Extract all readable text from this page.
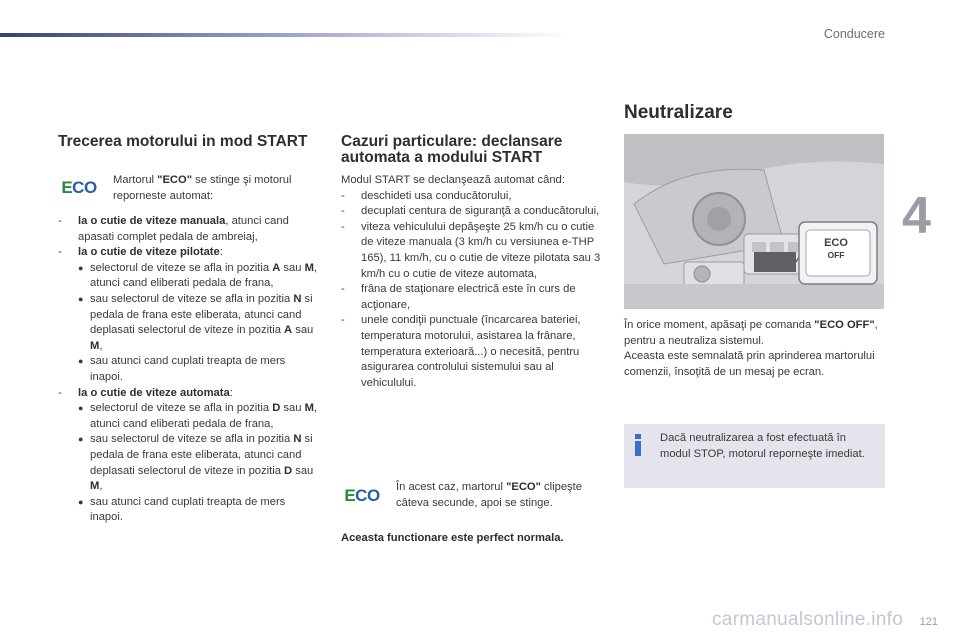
Conducere
4
carmanualsonline.info 121
Trecerea motorului in mod START
E CO Martorul "ECO" se stinge şi motorul reporneste automat:

-	la o cutie de viteze manuala, atunci cand apasati complet pedala de ambreiaj,
-	la o cutie de viteze pilotate:
● selectorul de viteze se afla in pozitia A sau M, atunci cand eliberati pedala de frana,
● sau selectorul de viteze se afla in pozitia N si pedala de frana este eliberata, atunci cand deplasati selectorul de viteze in pozitia A sau M,
● sau atunci cand cuplati treapta de mers inapoi.
-	la o cutie de viteze automata:
● selectorul de viteze se afla in pozitia D sau M, atunci cand eliberati pedala de frana,
● sau selectorul de viteze se afla in pozitia N si pedala de frana este eliberata, atunci cand deplasati selectorul de viteze in pozitia D sau M,
● sau atunci cand cuplati treapta de mers inapoi.
Cazuri particulare: declansare automata a modului START

Modul START se declanşează automat când:

-	deschideti usa conducătorului,
-	decuplati centura de siguranţă a conducătorului,
-	viteza vehiculului depăşeşte 25 km/h cu o cutie de viteze manuala (3 km/h cu versiunea e-THP 165), 11 km/h, cu o cutie de viteze pilotata sau 3 km/h cu o cutie de viteze automata,
-	frâna de staţionare electrică este în curs de acţionare,
-	unele condiţii punctuale (încarcarea bateriei, temperatura motorului, asistarea la frânare, temperatura exterioară...) o necesită, pentru asigurarea controlului sistemului sau al vehiculului.
E CO În acest caz, martorul "ECO" clipeşte câteva secunde, apoi se stinge.

Aceasta functionare este perfect normala.
Neutralizare
ECO
OFF

În orice moment, apăsaţi pe comanda "ECO OFF", pentru a neutraliza sistemul.

Aceasta este semnalată prin aprinderea martorului comenzii, însoţită de un mesaj pe ecran.

Dacă neutralizarea a fost efectuată în modul STOP, motorul reporneşte imediat.
